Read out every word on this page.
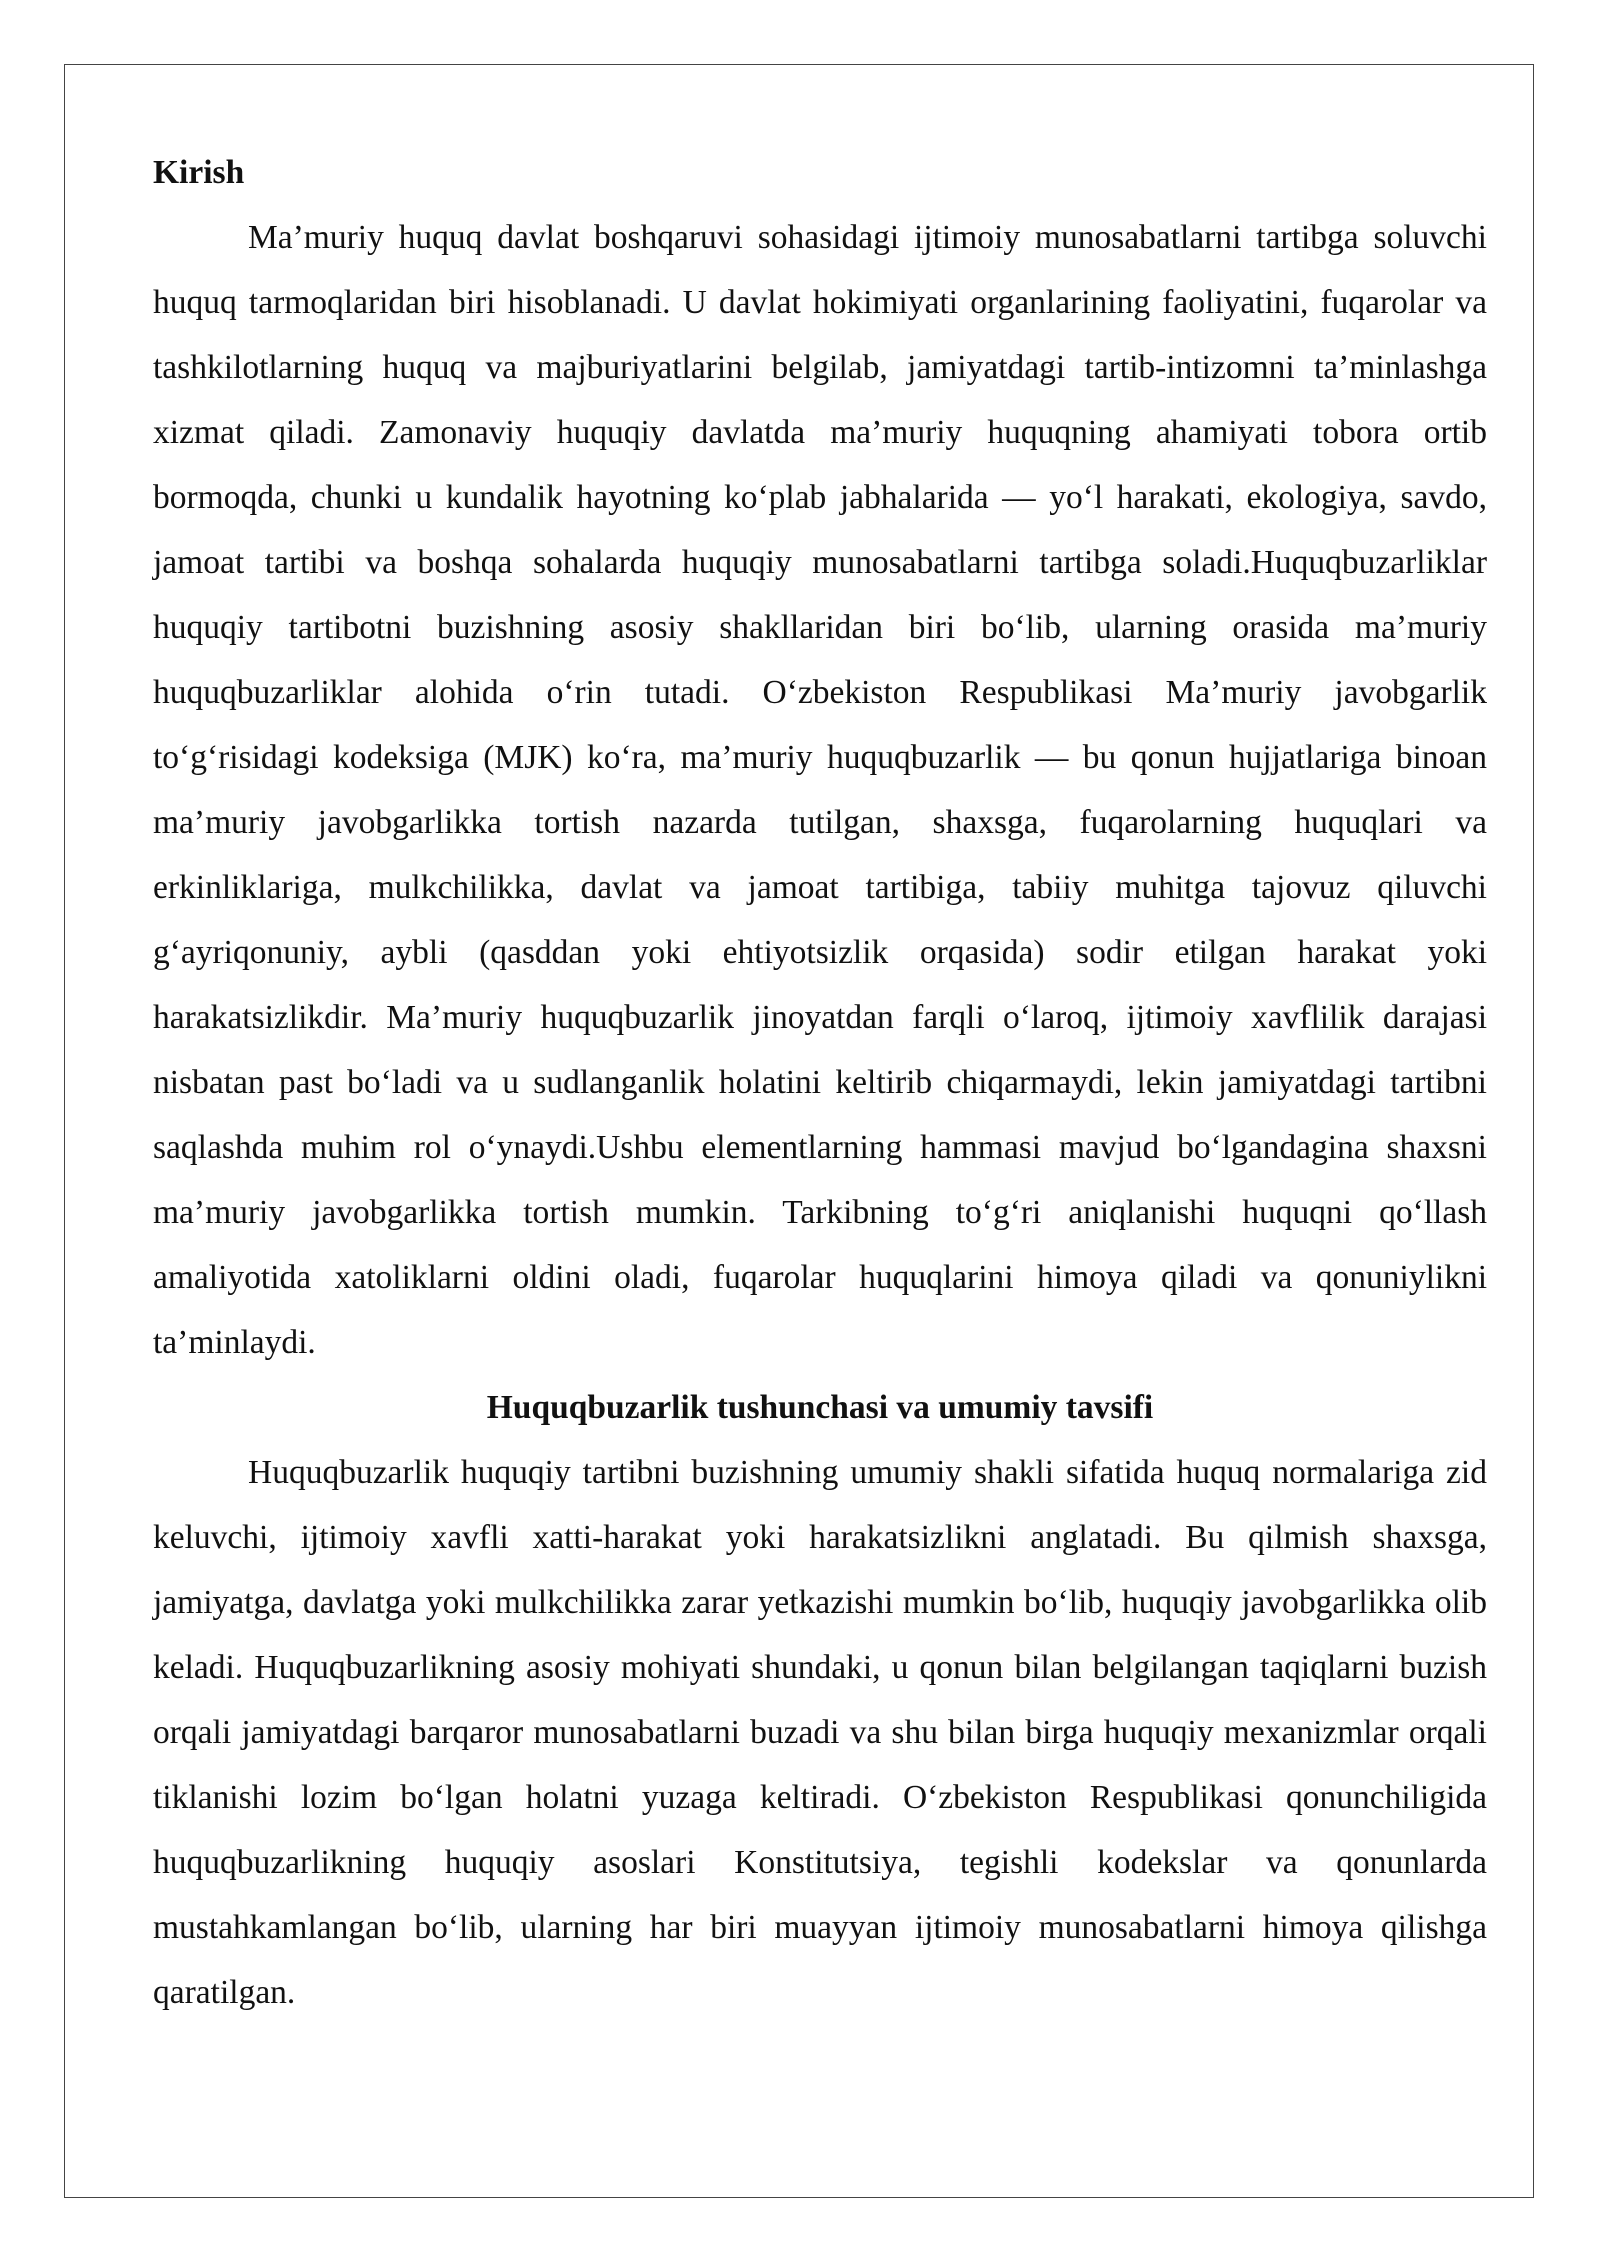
Kirish

Ma’muriy huquq davlat boshqaruvi sohasidagi ijtimoiy munosabatlarni tartibga soluvchi huquq tarmoqlaridan biri hisoblanadi. U davlat hokimiyati organlarining faoliyatini, fuqarolar va tashkilotlarning huquq va majburiyatlarini belgilab, jamiyatdagi tartib-intizomni ta’minlashga xizmat qiladi. Zamonaviy huquqiy davlatda ma’muriy huquqning ahamiyati tobora ortib bormoqda, chunki u kundalik hayotning ko‘plab jabhalarida — yo‘l harakati, ekologiya, savdo, jamoat tartibi va boshqa sohalarda huquqiy munosabatlarni tartibga soladi.Huquqbuzarliklar huquqiy tartibotni buzishning asosiy shakllaridan biri bo‘lib, ularning orasida ma’muriy huquqbuzarliklar alohida o‘rin tutadi. O‘zbekiston Respublikasi Ma’muriy javobgarlik to‘g‘risidagi kodeksiga (MJK) ko‘ra, ma’muriy huquqbuzarlik — bu qonun hujjatlariga binoan ma’muriy javobgarlikka tortish nazarda tutilgan, shaxsga, fuqarolarning huquqlari va erkinliklariga, mulkchilikka, davlat va jamoat tartibiga, tabiiy muhitga tajovuz qiluvchi g‘ayriqonuniy, aybli (qasddan yoki ehtiyotsizlik orqasida) sodir etilgan harakat yoki harakatsizlikdir. Ma’muriy huquqbuzarlik jinoyatdan farqli o‘laroq, ijtimoiy xavflilik darajasi nisbatan past bo‘ladi va u sudlanganlik holatini keltirib chiqarmaydi, lekin jamiyatdagi tartibni saqlashda muhim rol o‘ynaydi.Ushbu elementlarning hammasi mavjud bo‘lgandagina shaxsni ma’muriy javobgarlikka tortish mumkin. Tarkibning to‘g‘ri aniqlanishi huquqni qo‘llash amaliyotida xatoliklarni oldini oladi, fuqarolar huquqlarini himoya qiladi va qonuniylikni ta’minlaydi.

Huquqbuzarlik tushunchasi va umumiy tavsifi

Huquqbuzarlik huquqiy tartibni buzishning umumiy shakli sifatida huquq normalariga zid keluvchi, ijtimoiy xavfli xatti-harakat yoki harakatsizlikni anglatadi. Bu qilmish shaxsga, jamiyatga, davlatga yoki mulkchilikka zarar yetkazishi mumkin bo‘lib, huquqiy javobgarlikka olib keladi. Huquqbuzarlikning asosiy mohiyati shundaki, u qonun bilan belgilangan taqiqlarni buzish orqali jamiyatdagi barqaror munosabatlarni buzadi va shu bilan birga huquqiy mexanizmlar orqali tiklanishi lozim bo‘lgan holatni yuzaga keltiradi. O‘zbekiston Respublikasi qonunchiligida huquqbuzarlikning huquqiy asoslari Konstitutsiya, tegishli kodekslar va qonunlarda mustahkamlangan bo‘lib, ularning har biri muayyan ijtimoiy munosabatlarni himoya qilishga qaratilgan.
